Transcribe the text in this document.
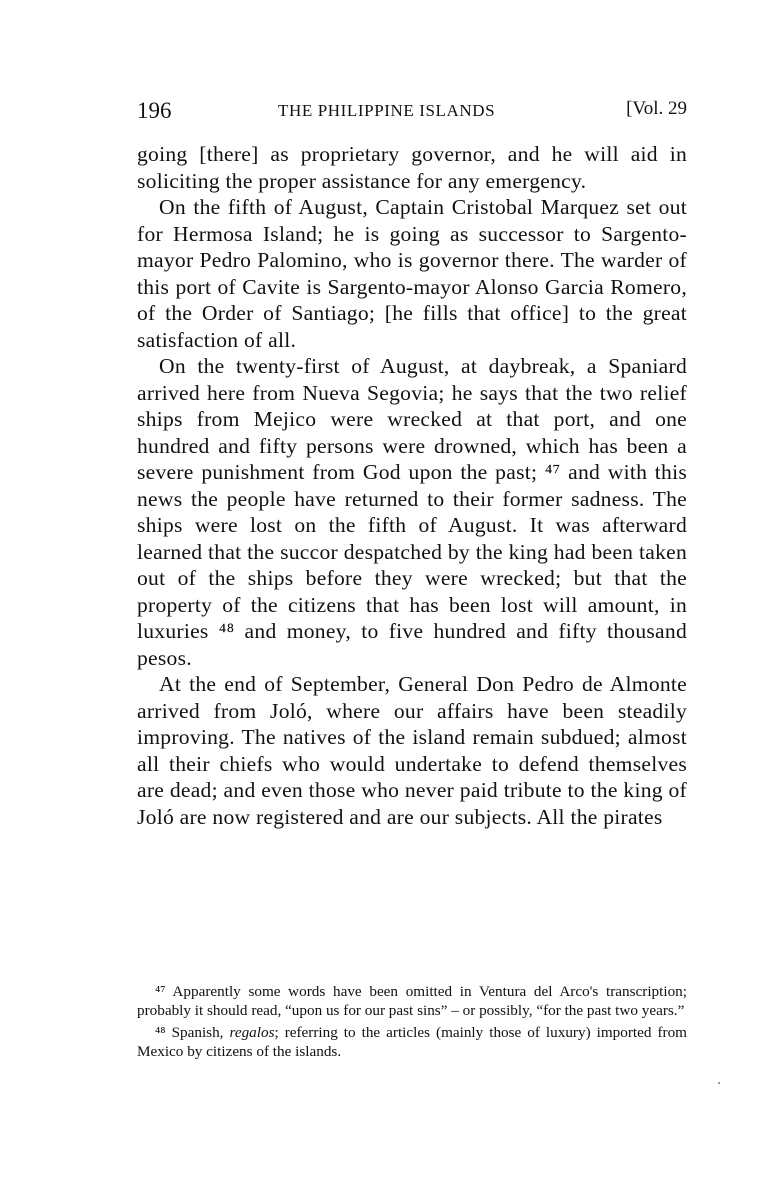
196	THE PHILIPPINE ISLANDS	[Vol. 29

going [there] as proprietary governor, and he will aid in soliciting the proper assistance for any emergency.

On the fifth of August, Captain Cristobal Marquez set out for Hermosa Island; he is going as successor to Sargento-mayor Pedro Palomino, who is governor there. The warder of this port of Cavite is Sargento-mayor Alonso Garcia Romero, of the Order of Santiago; [he fills that office] to the great satisfaction of all.

On the twenty-first of August, at daybreak, a Spaniard arrived here from Nueva Segovia; he says that the two relief ships from Mejico were wrecked at that port, and one hundred and fifty persons were drowned, which has been a severe punishment from God upon the past; ⁴⁷ and with this news the people have returned to their former sadness. The ships were lost on the fifth of August. It was afterward learned that the succor despatched by the king had been taken out of the ships before they were wrecked; but that the property of the citizens that has been lost will amount, in luxuries ⁴⁸ and money, to five hundred and fifty thousand pesos.

At the end of September, General Don Pedro de Almonte arrived from Joló, where our affairs have been steadily improving. The natives of the island remain subdued; almost all their chiefs who would undertake to defend themselves are dead; and even those who never paid tribute to the king of Joló are now registered and are our subjects. All the pirates

⁴⁷ Apparently some words have been omitted in Ventura del Arco's transcription; probably it should read, “upon us for our past sins” – or possibly, “for the past two years.”

⁴⁸ Spanish, regalos; referring to the articles (mainly those of luxury) imported from Mexico by citizens of the islands.
